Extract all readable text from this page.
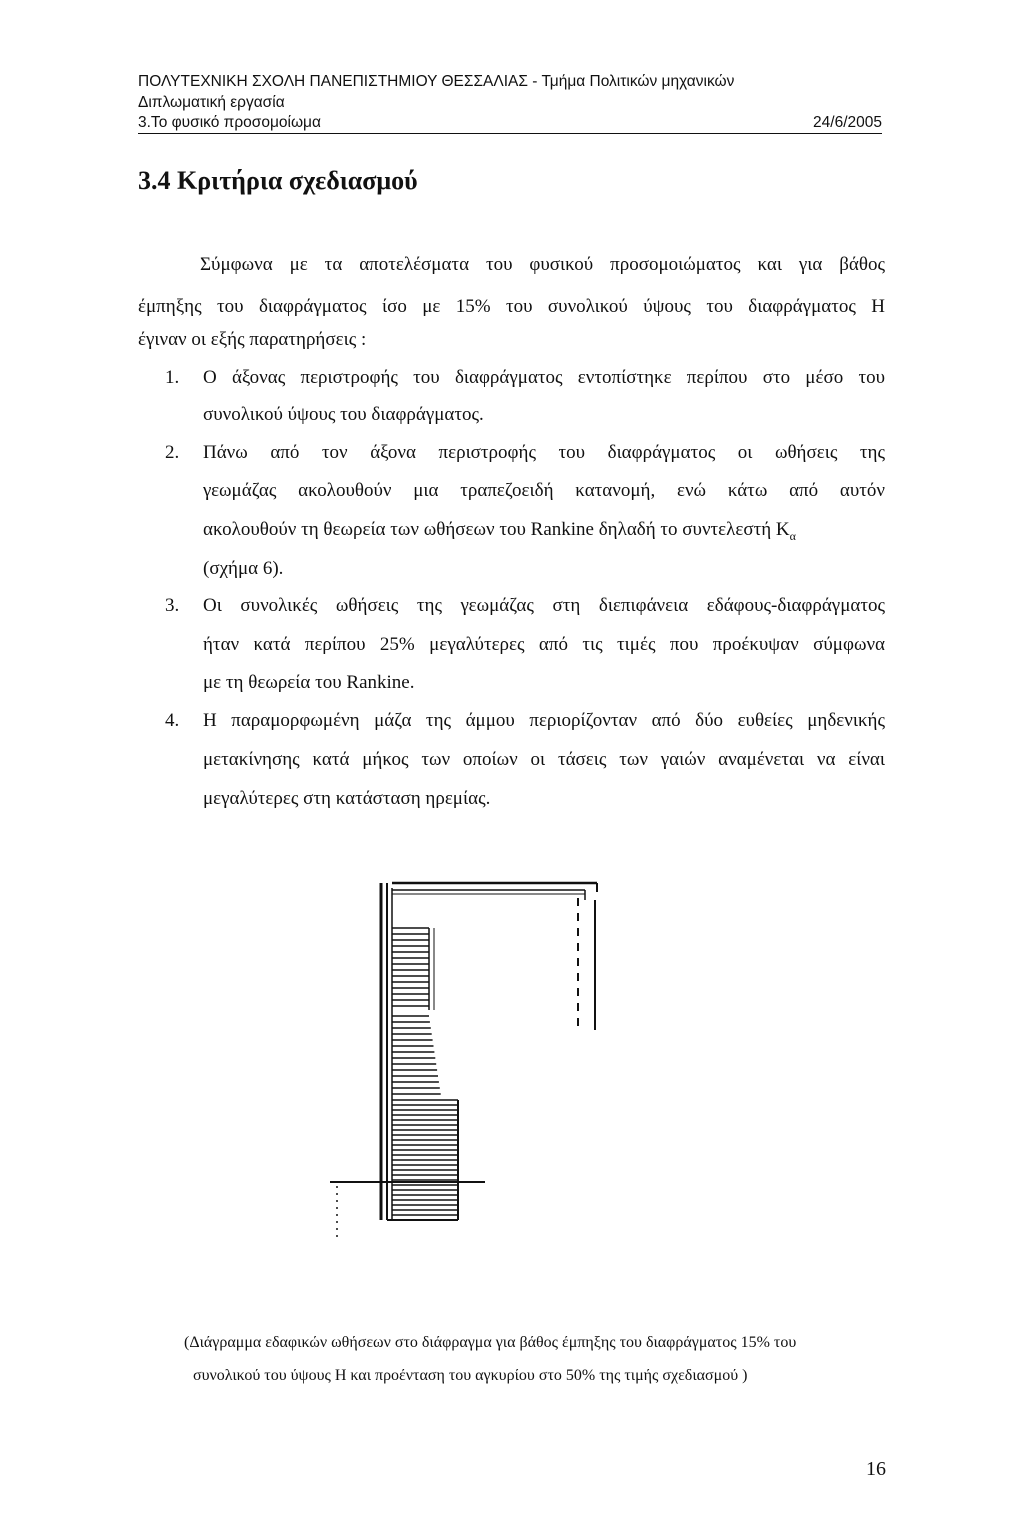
ΠΟΛΥΤΕΧΝΙΚΗ ΣΧΟΛΗ ΠΑΝΕΠΙΣΤΗΜΙΟΥ ΘΕΣΣΑΛΙΑΣ - Τμήμα Πολιτικών μηχανικών
Διπλωματική εργασία
3.Το φυσικό προσομοίωμα	24/6/2005
3.4 Κριτήρια σχεδιασμού
Σύμφωνα με τα αποτελέσματα του φυσικού προσομοιώματος και για βάθος
έμπηξης του διαφράγματος ίσο με 15% του συνολικού ύψους του διαφράγματος Η
έγιναν οι εξής παρατηρήσεις :
1. Ο άξονας περιστροφής του διαφράγματος εντοπίστηκε περίπου στο μέσο του
συνολικού ύψους του διαφράγματος.
2. Πάνω από τον άξονα περιστροφής του διαφράγματος οι ωθήσεις της
γεωμάζας ακολουθούν μια τραπεζοειδή κατανομή, ενώ κάτω από αυτόν
ακολουθούν τη θεωρεία των ωθήσεων του Rankine δηλαδή το συντελεστή $K_\alpha$
(σχήμα 6).
3. Οι συνολικές ωθήσεις της γεωμάζας στη διεπιφάνεια εδάφους-διαφράγματος
ήταν κατά περίπου 25% μεγαλύτερες από τις τιμές που προέκυψαν σύμφωνα
με τη θεωρεία του Rankine.
4. Η παραμορφωμένη μάζα της άμμου περιορίζονταν από δύο ευθείες μηδενικής
μετακίνησης κατά μήκος των οποίων οι τάσεις των γαιών αναμένεται να είναι
μεγαλύτερες στη κατάσταση ηρεμίας.
(Διάγραμμα εδαφικών ωθήσεων στο διάφραγμα για βάθος έμπηξης του διαφράγματος 15% του
συνολικού του ύψους Η και προένταση του αγκυρίου στο 50% της τιμής σχεδιασμού )
16
